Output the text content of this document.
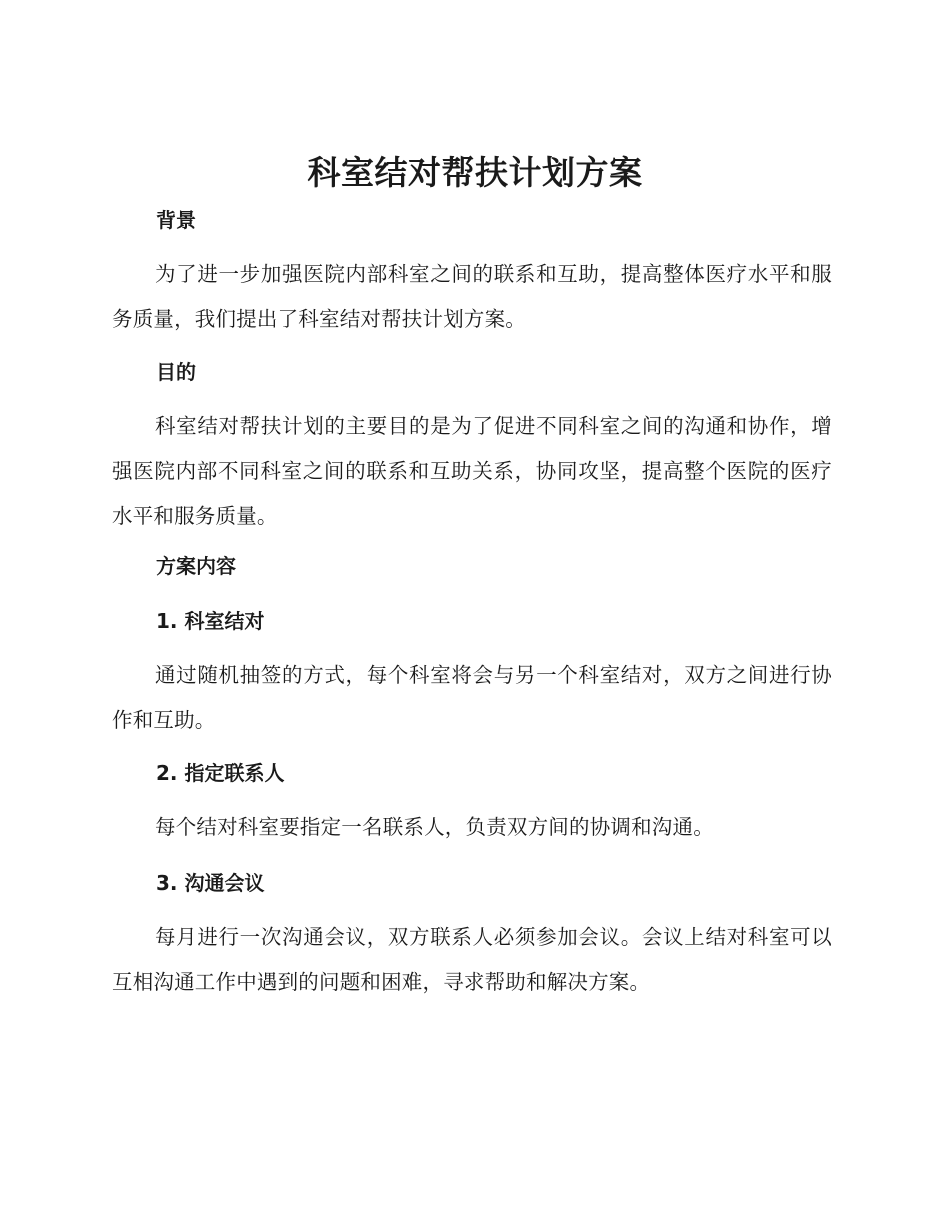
科室结对帮扶计划方案
背景

为了进一步加强医院内部科室之间的联系和互助，提高整体医疗水平和服务质量，我们提出了科室结对帮扶计划方案。

目的

科室结对帮扶计划的主要目的是为了促进不同科室之间的沟通和协作，增强医院内部不同科室之间的联系和互助关系，协同攻坚，提高整个医院的医疗水平和服务质量。

方案内容
1. 科室结对

通过随机抽签的方式，每个科室将会与另一个科室结对，双方之间进行协作和互助。

2. 指定联系人

每个结对科室要指定一名联系人，负责双方间的协调和沟通。

3. 沟通会议

每月进行一次沟通会议，双方联系人必须参加会议。会议上结对科室可以互相沟通工作中遇到的问题和困难，寻求帮助和解决方案。
